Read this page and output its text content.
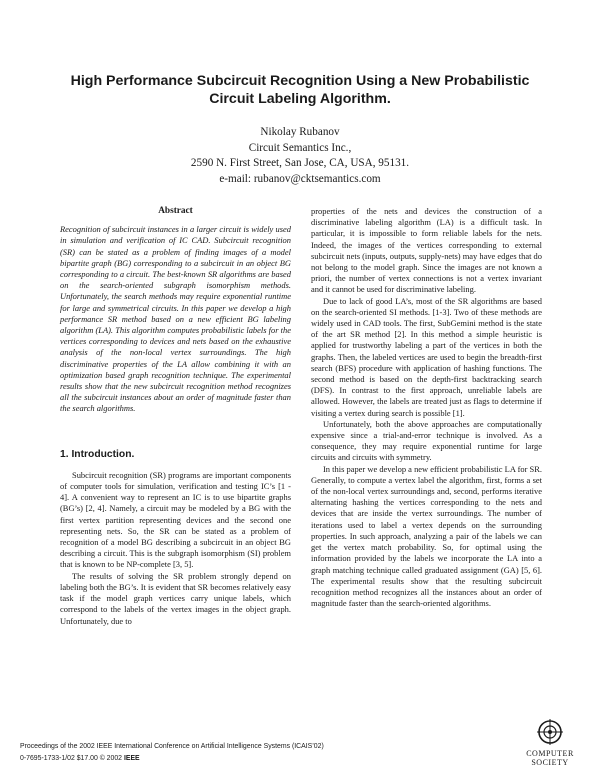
High Performance Subcircuit Recognition Using a New Probabilistic
Circuit Labeling Algorithm.
Nikolay Rubanov
Circuit Semantics Inc.,
2590 N. First Street, San Jose, CA, USA, 95131.
e-mail: rubanov@cktsemantics.com
Abstract

Recognition of subcircuit instances in a larger circuit is widely used in simulation and verification of IC CAD. Subcircuit recognition (SR) can be stated as a problem of finding images of a model bipartite graph (BG) corresponding to a subcircuit in an object BG corresponding to a circuit. The best-known SR algorithms are based on the search-oriented subgraph isomorphism methods. Unfortunately, the search methods may require exponential runtime for large and symmetrical circuits. In this paper we develop a high performance SR method based on a new efficient BG labeling algorithm (LA). This algorithm computes probabilistic labels for the vertices corresponding to devices and nets based on the exhaustive analysis of the non-local vertex surroundings. The high discriminative properties of the LA allow combining it with an optimization based graph recognition technique. The experimental results show that the new subcircuit recognition method recognizes all the subcircuit instances about an order of magnitude faster than the search algorithms.

1. Introduction.

Subcircuit recognition (SR) programs are important components of computer tools for simulation, verification and testing IC’s [1 - 4]. A convenient way to represent an IC is to use bipartite graphs (BG’s) [2, 4]. Namely, a circuit may be modeled by a BG with the first vertex partition representing devices and the second one representing nets. So, the SR can be stated as a problem of recognition of a model BG describing a subcircuit in an object BG describing a circuit. This is the subgraph isomorphism (SI) problem that is known to be NP-complete [3, 5].

The results of solving the SR problem strongly depend on labeling both the BG’s. It is evident that SR becomes relatively easy task if the model graph vertices carry unique labels, which correspond to the labels of the vertex images in the object graph. Unfortunately, due to

properties of the nets and devices the construction of a discriminative labeling algorithm (LA) is a difficult task. In particular, it is impossible to form reliable labels for the nets. Indeed, the images of the vertices corresponding to external subcircuit nets (inputs, outputs, supply-nets) may have edges that do not belong to the model graph. Since the images are not known a priori, the number of vertex connections is not a vertex invariant and it cannot be used for discriminative labeling.

Due to lack of good LA’s, most of the SR algorithms are based on the search-oriented SI methods. [1-3]. Two of these methods are widely used in CAD tools. The first, SubGemini method is the state of the art SR method [2]. In this method a simple heuristic is applied for trustworthy labeling a part of the vertices in both the graphs. Then, the labeled vertices are used to begin the breadth-first search (BFS) procedure with application of hashing functions. The second method is based on the depth-first backtracking search (DFS). In contrast to the first approach, unreliable labels are allowed. However, the labels are treated just as flags to determine if visiting a vertex during search is possible [1].

Unfortunately, both the above approaches are computationally expensive since a trial-and-error technique is involved. As a consequence, they may require exponential runtime for large circuits and circuits with symmetry.

In this paper we develop a new efficient probabilistic LA for SR. Generally, to compute a vertex label the algorithm, first, forms a set of the non-local vertex surroundings and, second, performs iterative alternating hashing the vertices corresponding to the nets and devices that are inside the vertex surroundings. The number of iterations used to label a vertex depends on the surrounding properties. In such approach, analyzing a pair of the labels we can get the vertex match probability. So, for optimal using the information provided by the labels we incorporate the LA into a graph matching technique called graduated assignment (GA) [5, 6]. The experimental results show that the resulting subcircuit recognition method recognizes all the instances about an order of magnitude faster than the search-oriented algorithms.

Proceedings of the 2002 IEEE International Conference on Artificial Intelligence Systems (ICAIS’02)
0-7695-1733-1/02 $17.00 © 2002 IEEE
COMPUTER
SOCIETY
